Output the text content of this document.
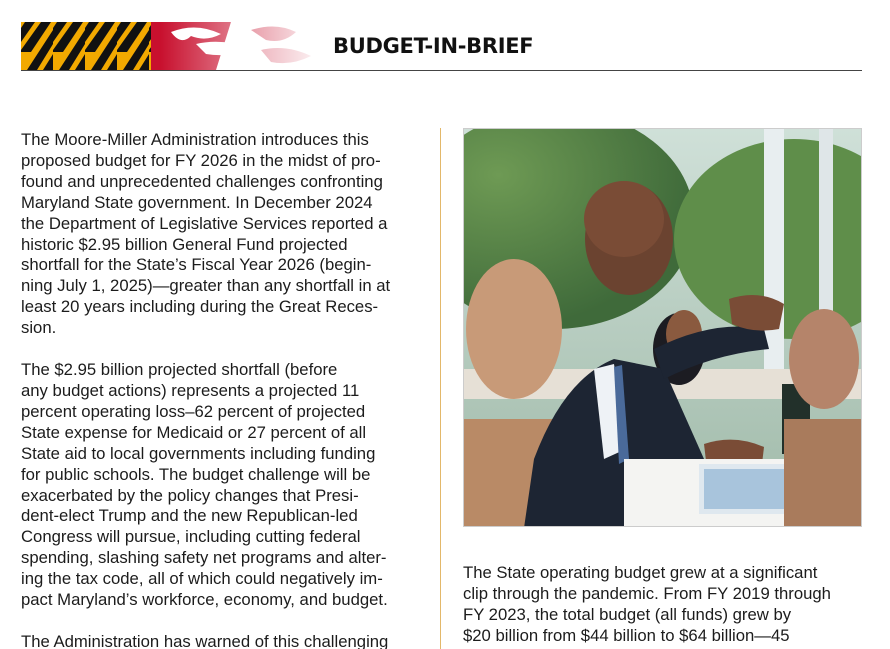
BUDGET-IN-BRIEF

The Moore-Miller Administration introduces this
proposed budget for FY 2026 in the midst of pro-
found and unprecedented challenges confronting
Maryland State government. In December 2024
the Department of Legislative Services reported a
historic $2.95 billion General Fund projected
shortfall for the State’s Fiscal Year 2026 (begin-
ning July 1, 2025)—greater than any shortfall in at
least 20 years including during the Great Reces-
sion.

The $2.95 billion projected shortfall (before
any budget actions) represents a projected 11
percent operating loss–62 percent of projected
State expense for Medicaid or 27 percent of all
State aid to local governments including funding
for public schools. The budget challenge will be
exacerbated by the policy changes that Presi-
dent-elect Trump and the new Republican-led
Congress will pursue, including cutting federal
spending, slashing safety net programs and alter-
ing the tax code, all of which could negatively im-
pact Maryland’s workforce, economy, and budget.

The Administration has warned of this challenging

The State operating budget grew at a significant
clip through the pandemic. From FY 2019 through
FY 2023, the total budget (all funds) grew by
$20 billion from $44 billion to $64 billion—45
